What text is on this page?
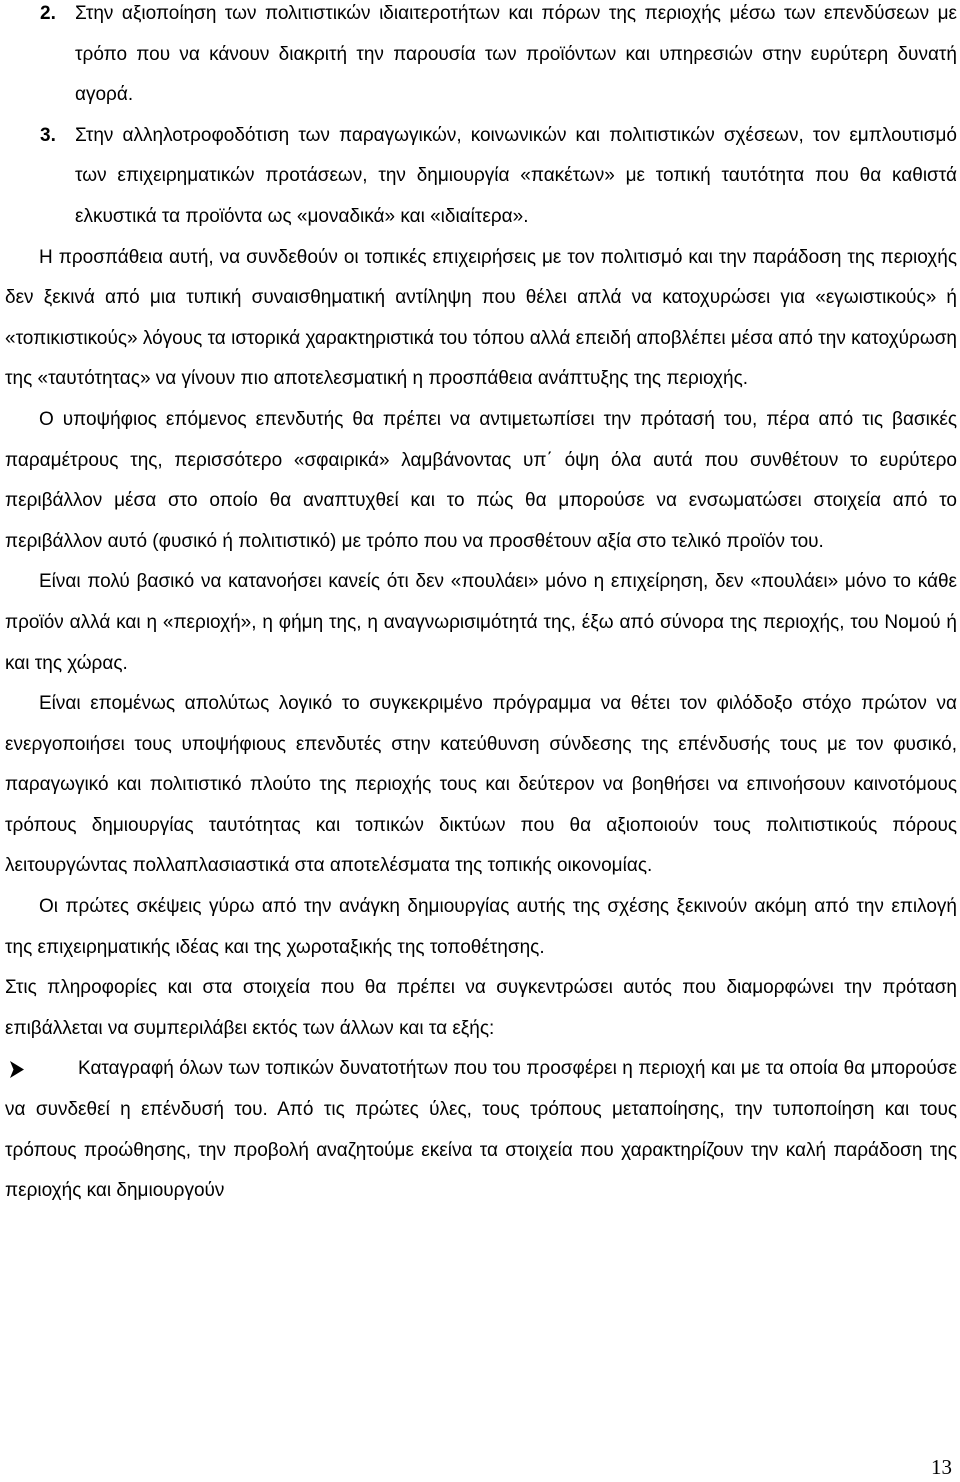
2. Στην αξιοποίηση των πολιτιστικών ιδιαιτεροτήτων και πόρων της περιοχής μέσω των επενδύσεων με τρόπο που να κάνουν διακριτή την παρουσία των προϊόντων και υπηρεσιών στην ευρύτερη δυνατή αγορά.

3. Στην αλληλοτροφοδότιση των παραγωγικών, κοινωνικών και πολιτιστικών σχέσεων, τον εμπλουτισμό των επιχειρηματικών προτάσεων, την δημιουργία «πακέτων» με τοπική ταυτότητα που θα καθιστά ελκυστικά τα προϊόντα ως «μοναδικά» και «ιδιαίτερα».

Η προσπάθεια αυτή, να συνδεθούν οι τοπικές επιχειρήσεις με τον πολιτισμό και την παράδοση της περιοχής δεν ξεκινά από μια τυπική συναισθηματική αντίληψη που θέλει απλά να κατοχυρώσει για «εγωιστικούς» ή «τοπικιστικούς» λόγους τα ιστορικά χαρακτηριστικά του τόπου αλλά επειδή αποβλέπει μέσα από την κατοχύρωση της «ταυτότητας» να γίνουν πιο αποτελεσματική η προσπάθεια ανάπτυξης της περιοχής.

Ο υποψήφιος επόμενος επενδυτής θα πρέπει να αντιμετωπίσει την πρότασή του, πέρα από τις βασικές παραμέτρους της, περισσότερο «σφαιρικά» λαμβάνοντας υπ΄ όψη όλα αυτά που συνθέτουν το ευρύτερο περιβάλλον μέσα στο οποίο θα αναπτυχθεί και το πώς θα μπορούσε να ενσωματώσει στοιχεία από το περιβάλλον αυτό (φυσικό ή πολιτιστικό) με τρόπο που να προσθέτουν αξία στο τελικό προϊόν του.

Είναι πολύ βασικό να κατανοήσει κανείς ότι δεν «πουλάει» μόνο η επιχείρηση, δεν «πουλάει» μόνο το κάθε προϊόν αλλά και η «περιοχή», η φήμη της, η αναγνωρισιμότητά της, έξω από σύνορα της περιοχής, του Νομού ή και της χώρας.

Είναι επομένως απολύτως λογικό το συγκεκριμένο πρόγραμμα να θέτει τον φιλόδοξο στόχο πρώτον να ενεργοποιήσει τους υποψήφιους επενδυτές στην κατεύθυνση σύνδεσης της επένδυσής τους με τον φυσικό, παραγωγικό και πολιτιστικό πλούτο της περιοχής τους και δεύτερον να βοηθήσει να επινοήσουν καινοτόμους τρόπους δημιουργίας ταυτότητας και τοπικών δικτύων που θα αξιοποιούν τους πολιτιστικούς πόρους λειτουργώντας πολλαπλασιαστικά στα αποτελέσματα της τοπικής οικονομίας.

Οι πρώτες σκέψεις γύρω από την ανάγκη δημιουργίας αυτής της σχέσης ξεκινούν ακόμη από την επιλογή της επιχειρηματικής ιδέας και της χωροταξικής της τοποθέτησης.

Στις πληροφορίες και στα στοιχεία που θα πρέπει να συγκεντρώσει αυτός που διαμορφώνει την πρόταση επιβάλλεται να συμπεριλάβει εκτός των άλλων και τα εξής:

Καταγραφή όλων των τοπικών δυνατοτήτων που του προσφέρει η περιοχή και με τα οποία θα μπορούσε να συνδεθεί η επένδυσή του. Από τις πρώτες ύλες, τους τρόπους μεταποίησης, την τυποποίηση και τους τρόπους προώθησης, την προβολή αναζητούμε εκείνα τα στοιχεία που χαρακτηρίζουν την καλή παράδοση της περιοχής και δημιουργούν

13
